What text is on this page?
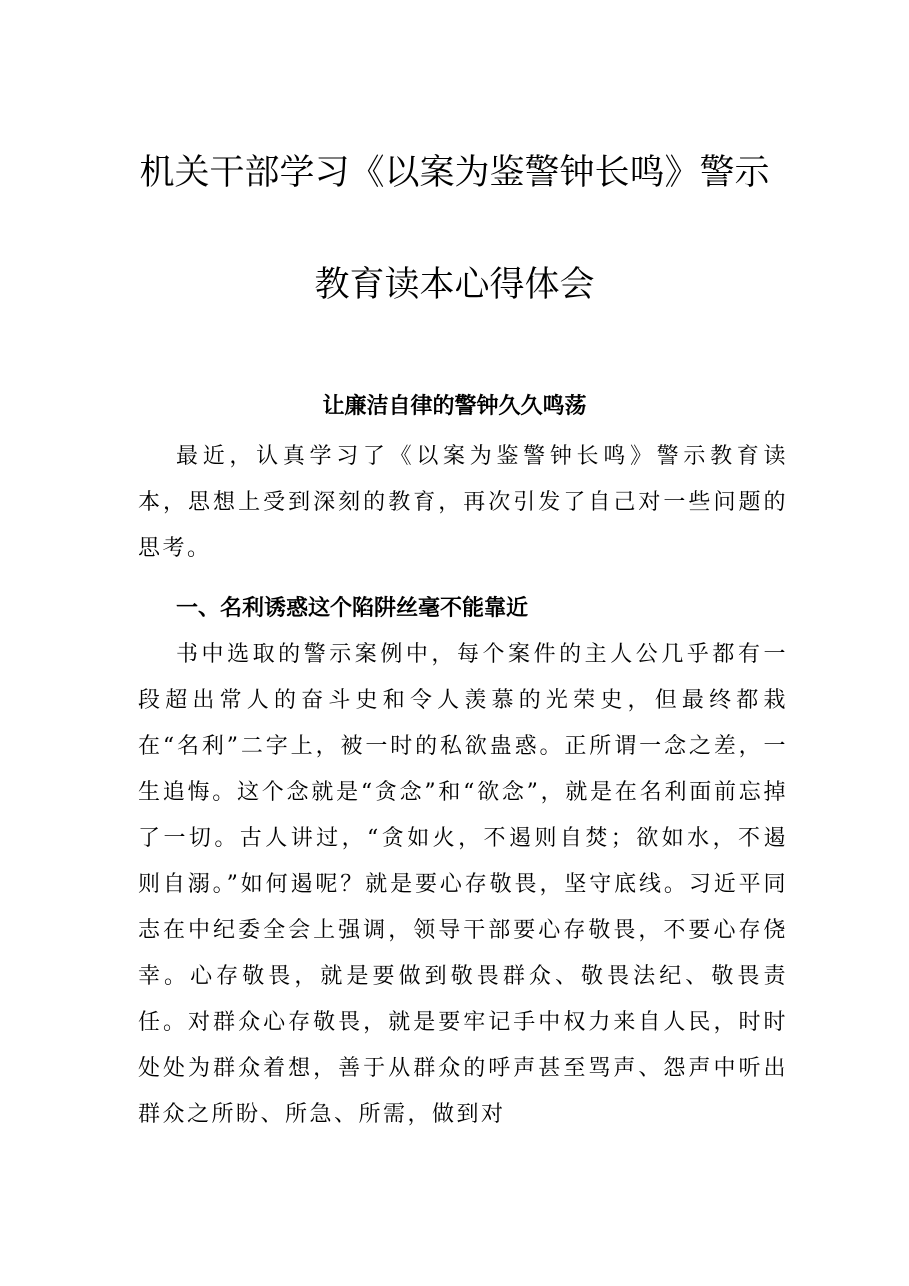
机关干部学习《以案为鉴警钟长鸣》警示
教育读本心得体会
让廉洁自律的警钟久久鸣荡

最近，认真学习了《以案为鉴警钟长鸣》警示教育读本，思想上受到深刻的教育，再次引发了自己对一些问题的思考。

一、名利诱惑这个陷阱丝毫不能靠近

书中选取的警示案例中，每个案件的主人公几乎都有一段超出常人的奋斗史和令人羡慕的光荣史，但最终都栽在“名利”二字上，被一时的私欲蛊惑。正所谓一念之差，一生追悔。这个念就是“贪念”和“欲念”，就是在名利面前忘掉了一切。古人讲过，“贪如火，不遏则自焚；欲如水，不遏则自溺。”如何遏呢？就是要心存敬畏，坚守底线。习近平同志在中纪委全会上强调，领导干部要心存敬畏，不要心存侥幸。心存敬畏，就是要做到敬畏群众、敬畏法纪、敬畏责任。对群众心存敬畏，就是要牢记手中权力来自人民，时时处处为群众着想，善于从群众的呼声甚至骂声、怨声中听出群众之所盼、所急、所需，做到对
